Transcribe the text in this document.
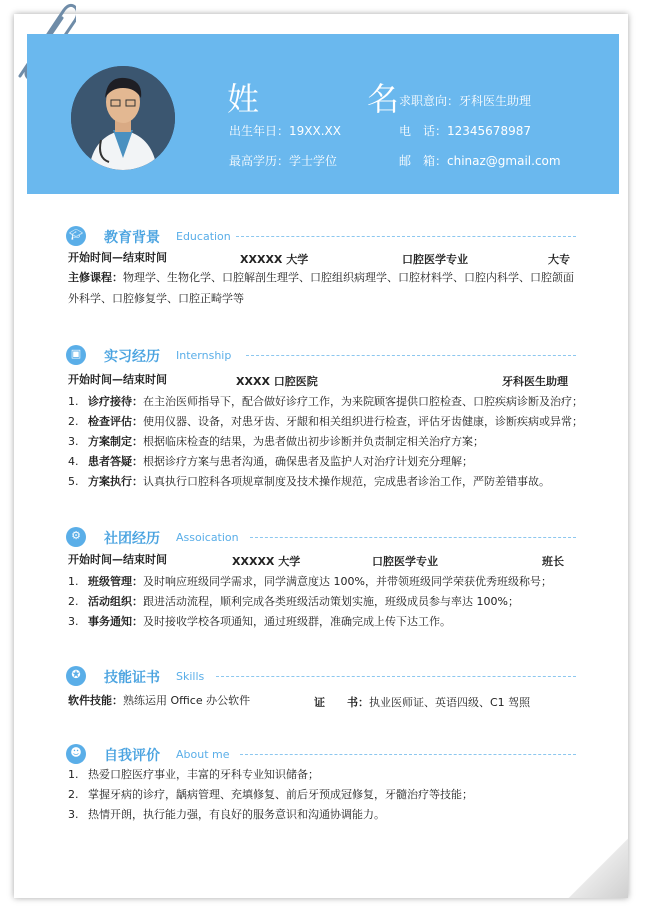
姓　名
出生年日：19XX.XX
最高学历：学士学位
求职意向：牙科医生助理
电　话：12345678987
邮　箱：chinaz@gmail.com
🎓︎ 教育背景 Education
开始时间—结束时间	XXXXX 大学	口腔医学专业	大专
主修课程：物理学、生物化学、口腔解剖生理学、口腔组织病理学、口腔材料学、口腔内科学、口腔颌面
外科学、口腔修复学、口腔正畸学等
▣	实习经历 Internship
开始时间—结束时间	XXXX 口腔医院	牙科医生助理
1. 诊疗接待：在主治医师指导下，配合做好诊疗工作，为来院顾客提供口腔检查、口腔疾病诊断及治疗；
2. 检查评估：使用仪器、设备，对患牙齿、牙龈和相关组织进行检查，评估牙齿健康，诊断疾病或异常；
3. 方案制定：根据临床检查的结果，为患者做出初步诊断并负责制定相关治疗方案；
4. 患者答疑：根据诊疗方案与患者沟通，确保患者及监护人对治疗计划充分理解；
5. 方案执行：认真执行口腔科各项规章制度及技术操作规范，完成患者诊治工作，严防差错事故。
⚙	社团经历 Assoication
开始时间—结束时间	XXXXX 大学	口腔医学专业	班长
1. 班级管理：及时响应班级同学需求，同学满意度达 100%，并带领班级同学荣获优秀班级称号；
2. 活动组织：跟进活动流程，顺利完成各类班级活动策划实施，班级成员参与率达 100%；
3. 事务通知：及时接收学校各项通知，通过班级群，准确完成上传下达工作。
✪	技能证书 Skills
软件技能：熟练运用 Office 办公软件	证　　书：执业医师证、英语四级、C1 驾照
☻	自我评价 About me
1. 热爱口腔医疗事业，丰富的牙科专业知识储备；
2. 掌握牙病的诊疗，龋病管理、充填修复、前后牙预成冠修复，牙髓治疗等技能；
3. 热情开朗，执行能力强，有良好的服务意识和沟通协调能力。
